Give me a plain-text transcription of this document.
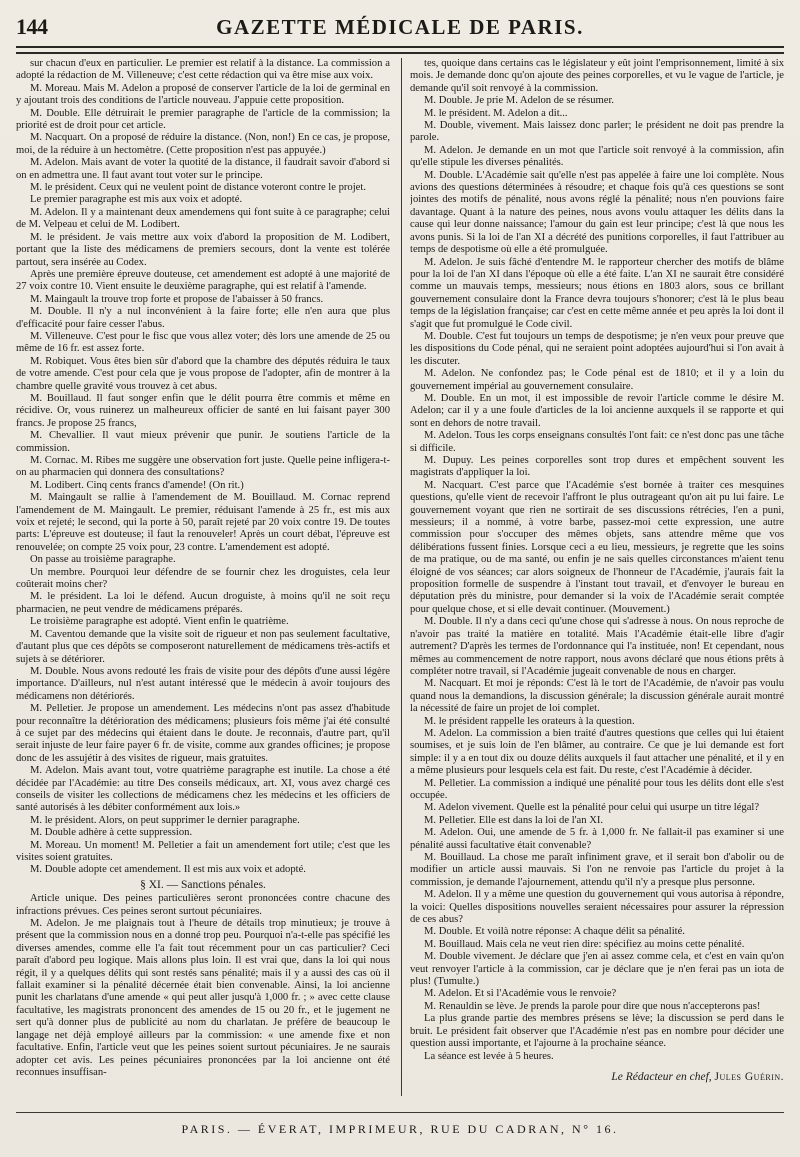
144	GAZETTE MÉDICALE DE PARIS.

sur chacun d'eux en particulier. Le premier est relatif à la distance. La commission a adopté la rédaction de M. Villeneuve; c'est cette rédaction qui va être mise aux voix.

M. Moreau. Mais M. Adelon a proposé de conserver l'article de la loi de germinal en y ajoutant trois des conditions de l'article nouveau. J'appuie cette proposition.

M. Double. Elle détruirait le premier paragraphe de l'article de la commission; la priorité est de droit pour cet article.

M. Nacquart. On a proposé de réduire la distance. (Non, non!) En ce cas, je propose, moi, de la réduire à un hectomètre. (Cette proposition n'est pas appuyée.)

M. Adelon. Mais avant de voter la quotité de la distance, il faudrait savoir d'abord si on en admettra une. Il faut avant tout voter sur le principe.

M. le président. Ceux qui ne veulent point de distance voteront contre le projet.

Le premier paragraphe est mis aux voix et adopté.

M. Adelon. Il y a maintenant deux amendemens qui font suite à ce paragraphe; celui de M. Velpeau et celui de M. Lodibert.

M. le président. Je vais mettre aux voix d'abord la proposition de M. Lodibert, portant que la liste des médicamens de premiers secours, dont la vente est tolérée partout, sera insérée au Codex.

Après une première épreuve douteuse, cet amendement est adopté à une majorité de 27 voix contre 10. Vient ensuite le deuxième paragraphe, qui est relatif à l'amende.

M. Maingault la trouve trop forte et propose de l'abaisser à 50 francs.

M. Double. Il n'y a nul inconvénient à la faire forte; elle n'en aura que plus d'efficacité pour faire cesser l'abus.

M. Villeneuve. C'est pour le fisc que vous allez voter; dès lors une amende de 25 ou même de 16 fr. est assez forte.

M. Robiquet. Vous êtes bien sûr d'abord que la chambre des députés réduira le taux de votre amende. C'est pour cela que je vous propose de l'adopter, afin de montrer à la chambre quelle gravité vous trouvez à cet abus.

M. Bouillaud. Il faut songer enfin que le délit pourra être commis et même en récidive. Or, vous ruinerez un malheureux officier de santé en lui faisant payer 300 francs. Je propose 25 francs,

M. Chevallier. Il vaut mieux prévenir que punir. Je soutiens l'article de la commission.

M. Cornac. M. Ribes me suggère une observation fort juste. Quelle peine infligera-t-on au pharmacien qui donnera des consultations?

M. Lodibert. Cinq cents francs d'amende! (On rit.)

M. Maingault se rallie à l'amendement de M. Bouillaud. M. Cornac reprend l'amendement de M. Maingault. Le premier, réduisant l'amende à 25 fr., est mis aux voix et rejeté; le second, qui la porte à 50, paraît rejeté par 20 voix contre 19. De toutes parts: L'épreuve est douteuse; il faut la renouveler! Après un court débat, l'épreuve est renouvelée; on compte 25 voix pour, 23 contre. L'amendement est adopté.

On passe au troisième paragraphe.

Un membre. Pourquoi leur défendre de se fournir chez les droguistes, cela leur coûterait moins cher?

M. le président. La loi le défend. Aucun droguiste, à moins qu'il ne soit reçu pharmacien, ne peut vendre de médicamens préparés.

Le troisième paragraphe est adopté. Vient enfin le quatrième.

M. Caventou demande que la visite soit de rigueur et non pas seulement facultative, d'autant plus que ces dépôts se composeront naturellement de médicamens très-actifs et sujets à se détériorer.

M. Double. Nous avons redouté les frais de visite pour des dépôts d'une aussi légère importance. D'ailleurs, nul n'est autant intéressé que le médecin à avoir toujours des médicamens non détériorés.

M. Pelletier. Je propose un amendement. Les médecins n'ont pas assez d'habitude pour reconnaître la détérioration des médicamens; plusieurs fois même j'ai été consulté à ce sujet par des médecins qui étaient dans le doute. Je reconnais, d'autre part, qu'il serait injuste de leur faire payer 6 fr. de visite, comme aux grandes officines; je propose donc de les assujétir à des visites de rigueur, mais gratuites.

M. Adelon. Mais avant tout, votre quatrième paragraphe est inutile. La chose a été décidée par l'Académie: au titre Des conseils médicaux, art. XI, vous avez chargé ces conseils de visiter les collections de médicamens chez les médecins et les officiers de santé autorisés à les débiter conformément aux lois.»

M. le président. Alors, on peut supprimer le dernier paragraphe.

M. Double adhère à cette suppression.

M. Moreau. Un moment! M. Pelletier a fait un amendement fort utile; c'est que les visites soient gratuites.

M. Double adopte cet amendement. Il est mis aux voix et adopté.

§ XI. — Sanctions pénales.

Article unique. Des peines particulières seront prononcées contre chacune des infractions prévues. Ces peines seront surtout pécuniaires.

M. Adelon. Je me plaignais tout à l'heure de détails trop minutieux; je trouve à présent que la commission nous en a donné trop peu. Pourquoi n'a-t-elle pas spécifié les diverses amendes, comme elle l'a fait tout récemment pour un cas particulier? Ceci paraît d'abord peu logique. Mais allons plus loin. Il est vrai que, dans la loi qui nous régit, il y a quelques délits qui sont restés sans pénalité; mais il y a aussi des cas où il fallait examiner si la pénalité décernée était bien convenable. Ainsi, la loi ancienne punit les charlatans d'une amende « qui peut aller jusqu'à 1,000 fr. ; » avec cette clause facultative, les magistrats prononcent des amendes de 15 ou 20 fr., et le jugement ne sert qu'à donner plus de publicité au nom du charlatan. Je préfère de beaucoup le langage net déjà employé ailleurs par la commission: « une amende fixe et non facultative. Enfin, l'article veut que les peines soient surtout pécuniaires. Je ne saurais adopter cet avis. Les peines pécuniaires prononcées par la loi ancienne ont été reconnues insuffisan-

tes, quoique dans certains cas le législateur y eût joint l'emprisonnement, limité à six mois. Je demande donc qu'on ajoute des peines corporelles, et vu le vague de l'article, je demande qu'il soit renvoyé à la commission.

M. Double. Je prie M. Adelon de se résumer.

M. le président. M. Adelon a dit...

M. Double, vivement. Mais laissez donc parler; le président ne doit pas prendre la parole.

M. Adelon. Je demande en un mot que l'article soit renvoyé à la commission, afin qu'elle stipule les diverses pénalités.

M. Double. L'Académie sait qu'elle n'est pas appelée à faire une loi complète. Nous avions des questions déterminées à résoudre; et chaque fois qu'à ces questions se sont jointes des motifs de pénalité, nous avons réglé la pénalité; nous n'en pouvions faire davantage. Quant à la nature des peines, nous avons voulu attaquer les délits dans la cause qui leur donne naissance; l'amour du gain est leur principe; c'est là que nous les avons punis. Si la loi de l'an XI a décrété des punitions corporelles, il faut l'attribuer au temps de despotisme où elle a été promulguée.

M. Adelon. Je suis fâché d'entendre M. le rapporteur chercher des motifs de blâme pour la loi de l'an XI dans l'époque où elle a été faite. L'an XI ne saurait être considéré comme un mauvais temps, messieurs; nous étions en 1803 alors, sous ce brillant gouvernement consulaire dont la France devra toujours s'honorer; c'est là le plus beau temps de la législation française; car c'est en cette même année et peu après la loi dont il s'agit que fut promulgué le Code civil.

M. Double. C'est fut toujours un temps de despotisme; je n'en veux pour preuve que les dispositions du Code pénal, qui ne seraient point adoptées aujourd'hui si l'on avait à les discuter.

M. Adelon. Ne confondez pas; le Code pénal est de 1810; et il y a loin du gouvernement impérial au gouvernement consulaire.

M. Double. En un mot, il est impossible de revoir l'article comme le désire M. Adelon; car il y a une foule d'articles de la loi ancienne auxquels il se rapporte et qui sont en dehors de notre travail.

M. Adelon. Tous les corps enseignans consultés l'ont fait: ce n'est donc pas une tâche si difficile.

M. Dupuy. Les peines corporelles sont trop dures et empêchent souvent les magistrats d'appliquer la loi.

M. Nacquart. C'est parce que l'Académie s'est bornée à traiter ces mesquines questions, qu'elle vient de recevoir l'affront le plus outrageant qu'on ait pu lui faire. Le gouvernement voyant que rien ne sortirait de ses discussions rétrécies, l'en a puni, messieurs; il a nommé, à votre barbe, passez-moi cette expression, une autre commission pour s'occuper des mêmes objets, sans attendre même que vos délibérations fussent finies. Lorsque ceci a eu lieu, messieurs, je regrette que les soins de ma pratique, ou de ma santé, ou enfin je ne sais quelles circonstances m'aient tenu éloigné de vos séances; car alors soigneux de l'honneur de l'Académie, j'aurais fait la proposition formelle de suspendre à l'instant tout travail, et d'envoyer le bureau en députation près du ministre, pour demander si la voix de l'Académie serait comptée pour quelque chose, et si elle devait continuer. (Mouvement.)

M. Double. Il n'y a dans ceci qu'une chose qui s'adresse à nous. On nous reproche de n'avoir pas traité la matière en totalité. Mais l'Académie était-elle libre d'agir autrement? D'après les termes de l'ordonnance qui l'a instituée, non! Et cependant, nous mêmes au commencement de notre rapport, nous avons déclaré que nous étions prêts à compléter notre travail, si l'Académie jugeait convenable de nous en charger.

M. Nacquart. Et moi je réponds: C'est là le tort de l'Académie, de n'avoir pas voulu quand nous la demandions, la discussion générale; la discussion générale aurait montré la nécessité de faire un projet de loi complet.

M. le président rappelle les orateurs à la question.

M. Adelon. La commission a bien traité d'autres questions que celles qui lui étaient soumises, et je suis loin de l'en blâmer, au contraire. Ce que je lui demande est fort simple: il y a en tout dix ou douze délits auxquels il faut attacher une pénalité, et il y en a même plusieurs pour lesquels cela est fait. Du reste, c'est l'Académie à décider.

M. Pelletier. La commission a indiqué une pénalité pour tous les délits dont elle s'est occupée.

M. Adelon vivement. Quelle est la pénalité pour celui qui usurpe un titre légal?

M. Pelletier. Elle est dans la loi de l'an XI.

M. Adelon. Oui, une amende de 5 fr. à 1,000 fr. Ne fallait-il pas examiner si une pénalité aussi facultative était convenable?

M. Bouillaud. La chose me paraît infiniment grave, et il serait bon d'abolir ou de modifier un article aussi mauvais. Si l'on ne renvoie pas l'article du projet à la commission, je demande l'ajournement, attendu qu'il n'y a presque plus personne.

M. Adelon. Il y a même une question du gouvernement qui vous autorisa à répondre, la voici: Quelles dispositions nouvelles seraient nécessaires pour assurer la répression de ces abus?

M. Double. Et voilà notre réponse: A chaque délit sa pénalité.

M. Bouillaud. Mais cela ne veut rien dire: spécifiez au moins cette pénalité.

M. Double vivement. Je déclare que j'en ai assez comme cela, et c'est en vain qu'on veut renvoyer l'article à la commission, car je déclare que je n'en ferai pas un iota de plus! (Tumulte.)

M. Adelon. Et si l'Académie vous le renvoie?

M. Renauldin se lève. Je prends la parole pour dire que nous n'accepterons pas!

La plus grande partie des membres présens se lève; la discussion se perd dans le bruit. Le président fait observer que l'Académie n'est pas en nombre pour décider une question aussi importante, et l'ajourne à la prochaine séance.

La séance est levée à 5 heures.

Le Rédacteur en chef, Jules Guérin.

PARIS. — ÉVERAT, IMPRIMEUR, RUE DU CADRAN, N° 16.
